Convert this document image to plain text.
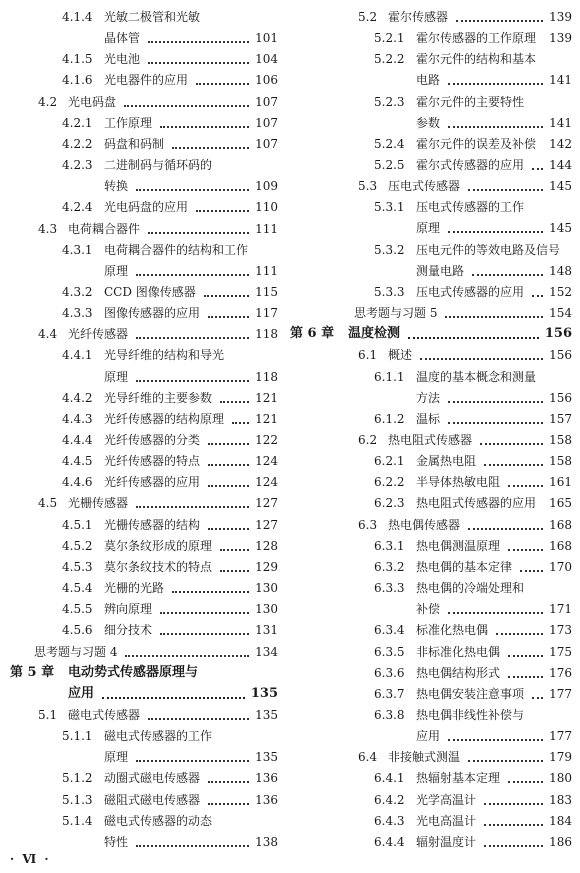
4.1.4 光敏二极管和光敏
晶体管	101
4.1.5 光电池	104
4.1.6 光电器件的应用	106
4.2 光电码盘	107
4.2.1 工作原理	107
4.2.2 码盘和码制	107
4.2.3 二进制码与循环码的
转换	109
4.2.4 光电码盘的应用	110
4.3 电荷耦合器件	111
4.3.1 电荷耦合器件的结构和工作
原理	111
4.3.2 CCD 图像传感器	115
4.3.3 图像传感器的应用	117
4.4 光纤传感器	118
4.4.1 光导纤维的结构和导光
原理	118
4.4.2 光导纤维的主要参数	121
4.4.3 光纤传感器的结构原理	121
4.4.4 光纤传感器的分类	122
4.4.5 光纤传感器的特点	124
4.4.6 光纤传感器的应用	124
4.5 光栅传感器	127
4.5.1 光栅传感器的结构	127
4.5.2 莫尔条纹形成的原理	128
4.5.3 莫尔条纹技术的特点	129
4.5.4 光栅的光路	130
4.5.5 辨向原理	130
4.5.6 细分技术	131
思考题与习题 4	134
第 5 章 电动势式传感器原理与
应用	135
5.1 磁电式传感器	135
5.1.1 磁电式传感器的工作
原理	135
5.1.2 动圈式磁电传感器	136
5.1.3 磁阻式磁电传感器	136
5.1.4 磁电式传感器的动态
特性	138
5.2 霍尔传感器	139
5.2.1 霍尔传感器的工作原理 139
5.2.2 霍尔元件的结构和基本
电路	141
5.2.3 霍尔元件的主要特性
参数	141
5.2.4 霍尔元件的误差及补偿 142
5.2.5 霍尔式传感器的应用 144
5.3 压电式传感器	145
5.3.1 压电式传感器的工作
原理	145
5.3.2 压电元件的等效电路及信号
测量电路	148
5.3.3 压电式传感器的应用 152
思考题与习题 5	154
第 6 章 温度检测	156
6.1 概述	156
6.1.1 温度的基本概念和测量
方法	156
6.1.2 温标	157
6.2 热电阻式传感器	158
6.2.1 金属热电阻	158
6.2.2 半导体热敏电阻	161
6.2.3 热电阻式传感器的应用 165
6.3 热电偶传感器	168
6.3.1 热电偶测温原理	168
6.3.2 热电偶的基本定律	170
6.3.3 热电偶的冷端处理和
补偿	171
6.3.4 标准化热电偶	173
6.3.5 非标准化热电偶	175
6.3.6 热电偶结构形式	176
6.3.7 热电偶安装注意事项 177
6.3.8 热电偶非线性补偿与
应用	177
6.4 非接触式测温	179
6.4.1 热辐射基本定理	180
6.4.2 光学高温计	183
6.4.3 光电高温计	184
6.4.4 辐射温度计	186
· Ⅵ ·
